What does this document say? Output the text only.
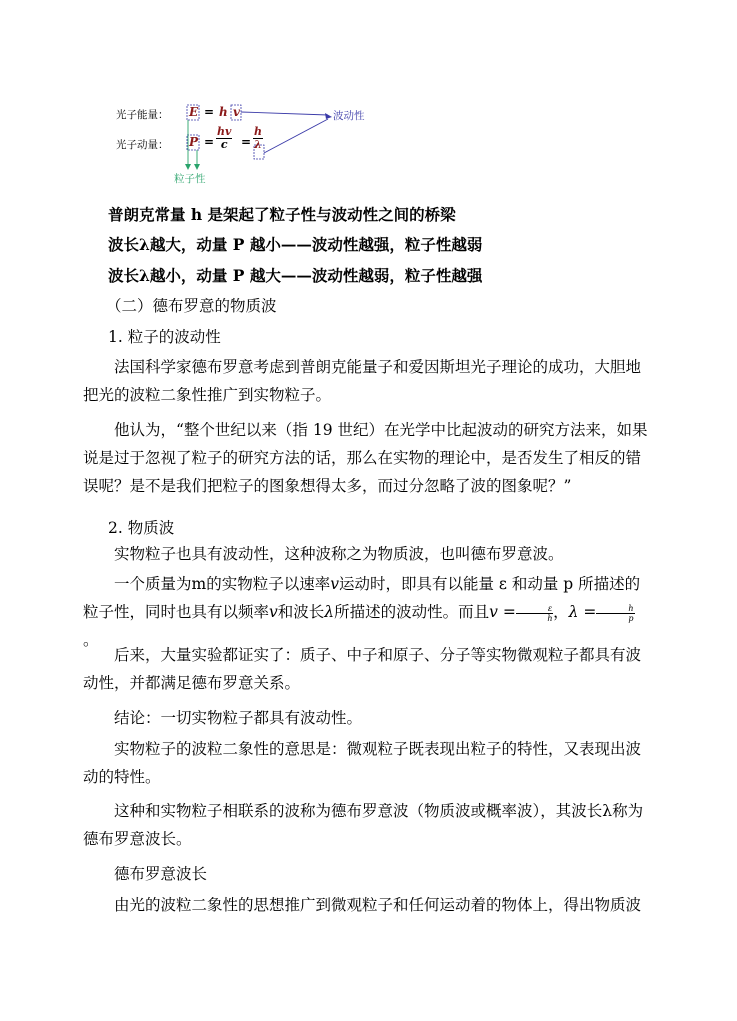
光子能量： E = h v
光子动量： $P = \frac{hv}{c} = \frac{h}{\lambda}$
波动性
粒子性
普朗克常量 h 是架起了粒子性与波动性之间的桥梁
波长λ越大，动量 P 越小——波动性越强，粒子性越弱
波长λ越小，动量 P 越大——波动性越弱，粒子性越强
（二）德布罗意的物质波
1. 粒子的波动性

法国科学家德布罗意考虑到普朗克能量子和爱因斯坦光子理论的成功，大胆地把光的波粒二象性推广到实物粒子。

他认为，“整个世纪以来（指 19 世纪）在光学中比起波动的研究方法来，如果说是过于忽视了粒子的研究方法的话，那么在实物的理论中，是否发生了相反的错误呢？是不是我们把粒子的图象想得太多，而过分忽略了波的图象呢？”

2. 物质波

实物粒子也具有波动性，这种波称之为物质波，也叫德布罗意波。

一个质量为m的实物粒子以速率v运动时，即具有以能量 ε 和动量 p 所描述的粒子性，同时也具有以频率v和波长λ所描述的波动性。而且$v = \frac{\varepsilon}{h}$ ，$\lambda = \frac{h}{p}$
。

后来，大量实验都证实了：质子、中子和原子、分子等实物微观粒子都具有波动性，并都满足德布罗意关系。

结论：一切实物粒子都具有波动性。

实物粒子的波粒二象性的意思是：微观粒子既表现出粒子的特性，又表现出波动的特性。

这种和实物粒子相联系的波称为德布罗意波（物质波或概率波），其波长λ称为德布罗意波长。

德布罗意波长

由光的波粒二象性的思想推广到微观粒子和任何运动着的物体上，得出物质波
